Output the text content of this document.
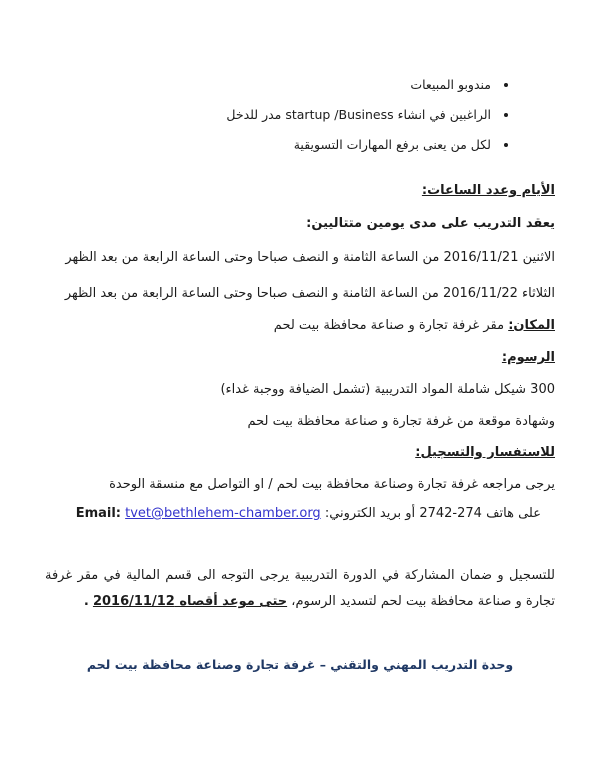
• مندوبو المبيعات
• الراغبين في انشاء startup /Business مدر للدخل
• لكل من يعنى برفع المهارات التسويقية

الأيام وعدد الساعات:

يعقد التدريب على مدى يومين متتاليين:

الاثنين 2016/11/21 من الساعة الثامنة و النصف صباحا وحتى الساعة الرابعة من بعد الظهر

الثلاثاء 2016/11/22 من الساعة الثامنة و النصف صباحا وحتى الساعة الرابعة من بعد الظهر

المكان: مقر غرفة تجارة و صناعة محافظة بيت لحم

الرسوم:

300 شيكل شاملة المواد التدريبية (تشمل الضيافة ووجبة غداء)

وشهادة موقعة من غرفة تجارة و صناعة محافظة بيت لحم

للاستفسار والتسجيل:

يرجى مراجعه غرفة تجارة وصناعة محافظة بيت لحم / او التواصل مع منسقة الوحدة

على هاتف 274-2742 أو بريد الكتروني: Email: tvet@bethlehem-chamber.org

للتسجيل و ضمان المشاركة في الدورة التدريبية يرجى التوجه الى قسم المالية في مقر غرفة تجارة و صناعة محافظة بيت لحم لتسديد الرسوم، حتى موعد أقصاه 2016/11/12 .

وحدة التدريب المهني والتقني – غرفة تجارة وصناعة محافظة بيت لحم
